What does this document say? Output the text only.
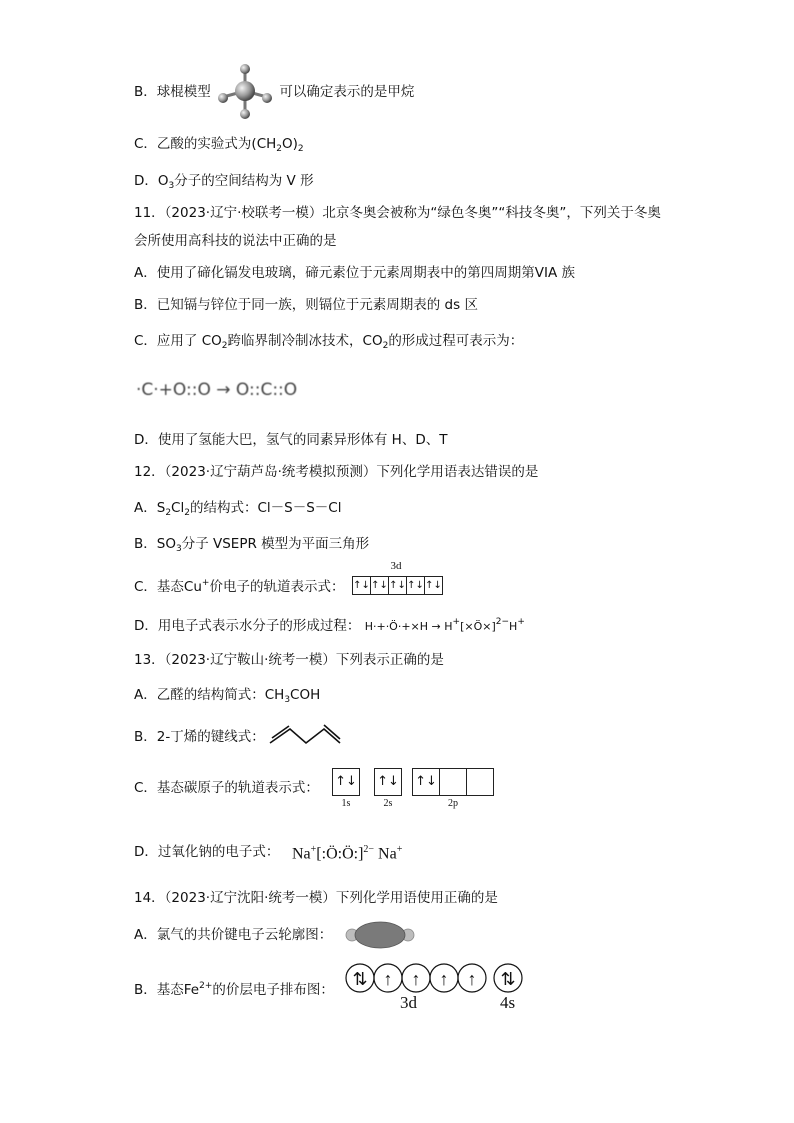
B．球棍模型	可以确定表示的是甲烷
C．乙酸的实验式为$(CH_2O)_2$
D．$O_3$分子的空间结构为 V 形
11．（2023·辽宁·校联考一模）北京冬奥会被称为“绿色冬奥”“科技冬奥”，下列关于冬奥
会所使用高科技的说法中正确的是
A．使用了碲化镉发电玻璃，碲元素位于元素周期表中的第四周期第VIA 族
B．已知镉与锌位于同一族，则镉位于元素周期表的 ds 区
C．应用了 $CO_2$跨临界制冷制冰技术，$CO_2$的形成过程可表示为：
·C·+O::O → O::C::O
D．使用了氢能大巴，氢气的同素异形体有 H、D、T
12．（2023·辽宁葫芦岛·统考模拟预测）下列化学用语表达错误的是
A．$S_2Cl_2$的结构式：Cl－S－S－Cl
B．$SO_3$分子 VSEPR 模型为平面三角形
C．基态Cu+价电子的轨道表示式：
3d
↑↓ ↑↓ ↑↓ ↑↓ ↑↓
D．用电子式表示水分子的形成过程： H·+·Ö·+×H → H+[×Ö×]$^{2-}$H+
13．（2023·辽宁鞍山·统考一模）下列表示正确的是
A．乙醛的结构简式：$CH_3COH$
B．2-丁烯的键线式：
C．基态碳原子的轨道表示式： ↑↓ ↑↓ ↑↓
1s	2s	2p
D．过氧化钠的电子式： Na+[:Ö:Ö:]$^{2-}$ Na+
14．（2023·辽宁沈阳·统考一模）下列化学用语使用正确的是
A．氯气的共价键电子云轮廓图：
B．基态$Fe^{2+}$的价层电子排布图：
⇅ ↑ ↑ ↑ ↑ ⇅
3d	4s
